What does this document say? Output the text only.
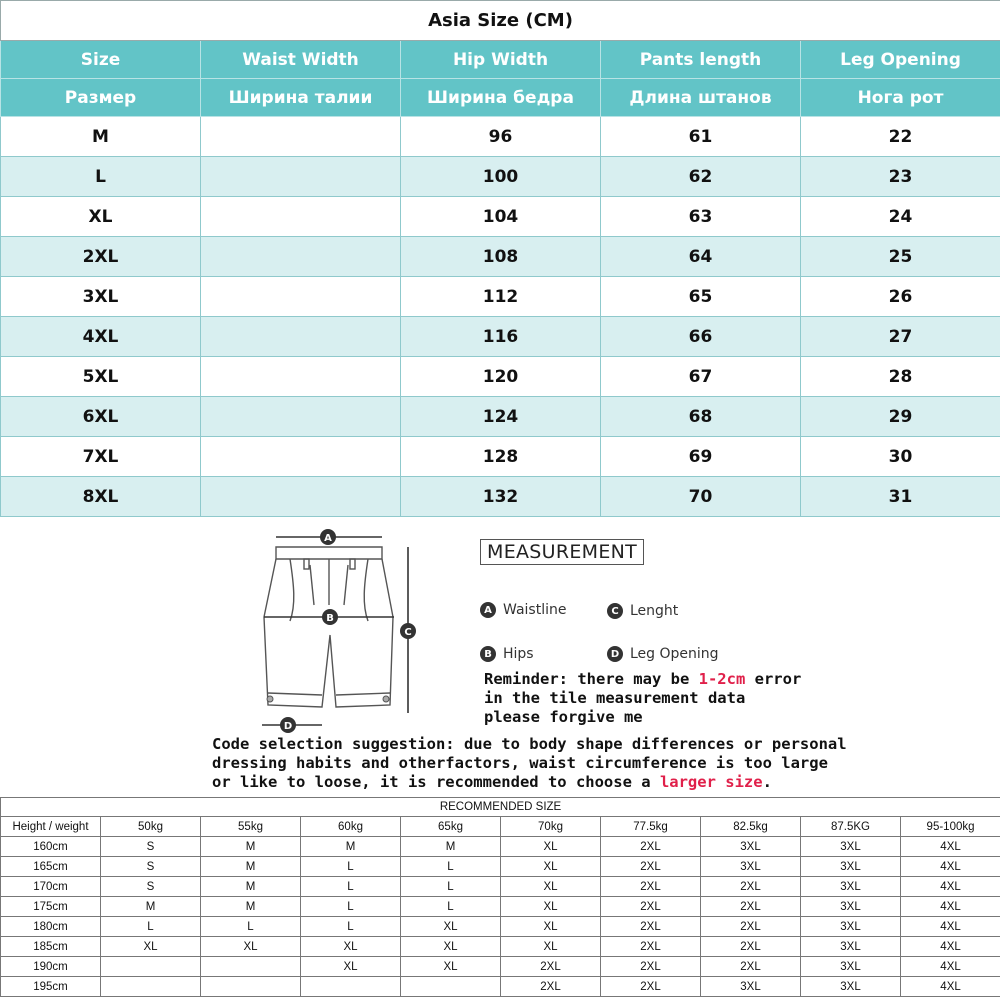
Asia Size (CM)				
Size	Waist Width	Hip Width	Pants length	Leg Opening
Размер	Ширина талии	Ширина бедра	Длина штанов	Нога рот
M		96	61	22
L		100	62	23
XL		104	63	24
2XL		108	64	25
3XL		112	65	26
4XL		116	66	27
5XL		120	67	28
6XL		124	68	29
7XL		128	69	30
8XL		132	70	31
A
B
C
D
MEASUREMENT
A Waistline	C Lenght
B Hips	D Leg Opening
Reminder: there may be 1-2cm error
in the tile measurement data
please forgive me
Code selection suggestion: due to body shape differences or personal
dressing habits and otherfactors, waist circumference is too large
or like to loose, it is recommended to choose a larger size.
RECOMMENDED SIZE									
Height / weight	50kg	55kg	60kg	65kg	70kg	77.5kg	82.5kg	87.5KG	95-100kg
160cm	S	M	M	M	XL	2XL	3XL	3XL	4XL
165cm	S	M	L	L	XL	2XL	3XL	3XL	4XL
170cm	S	M	L	L	XL	2XL	2XL	3XL	4XL
175cm	M	M	L	L	XL	2XL	2XL	3XL	4XL
180cm	L	L	L	XL	XL	2XL	2XL	3XL	4XL
185cm	XL	XL	XL	XL	XL	2XL	2XL	3XL	4XL
190cm			XL	XL	2XL	2XL	2XL	3XL	4XL
195cm					2XL	2XL	3XL	3XL	4XL
